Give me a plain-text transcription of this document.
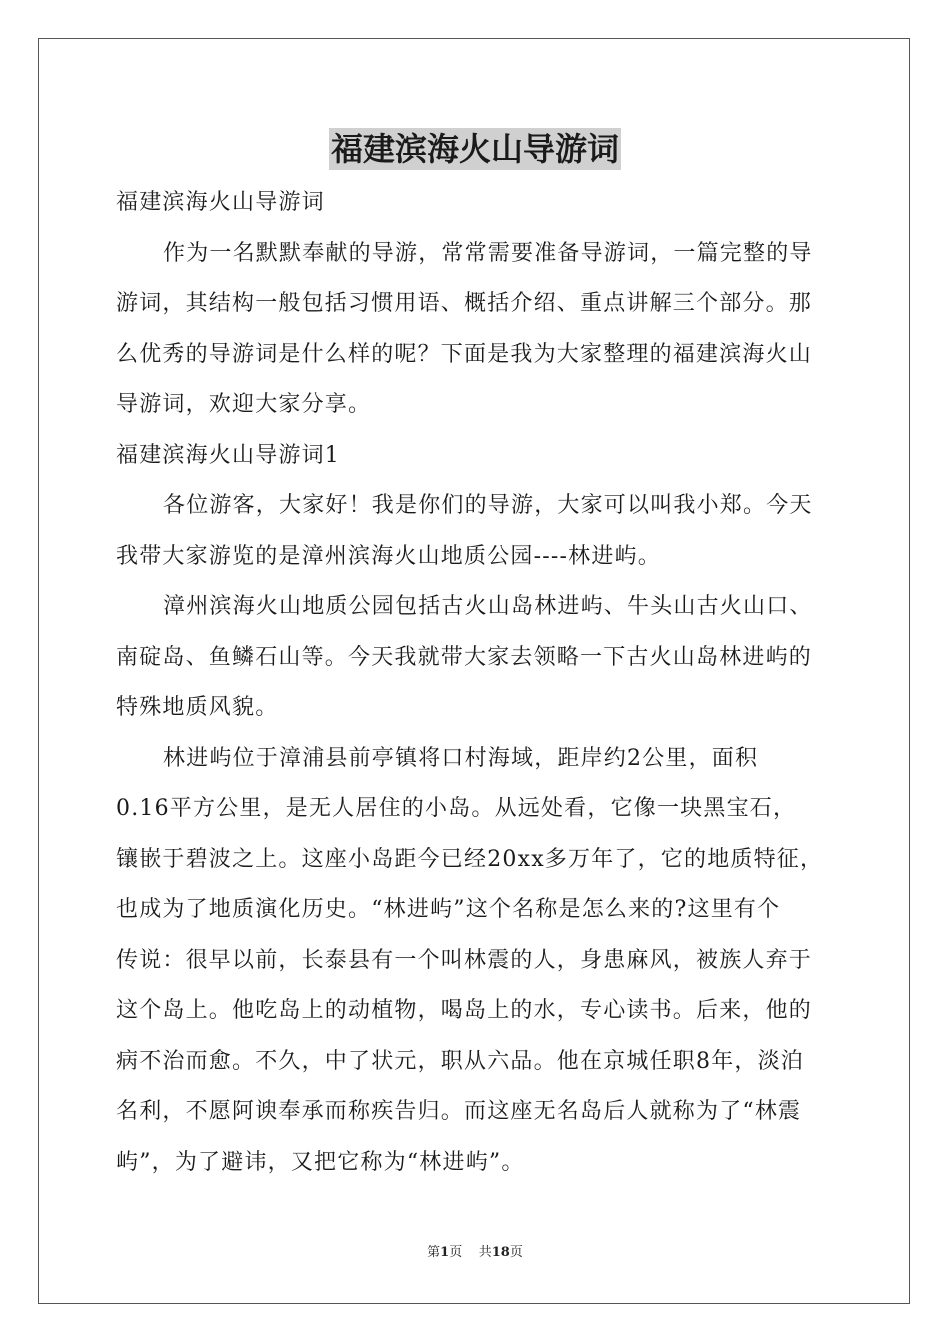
福建滨海火山导游词
福建滨海火山导游词
作为一名默默奉献的导游，常常需要准备导游词，一篇完整的导
游词，其结构一般包括习惯用语、概括介绍、重点讲解三个部分。那
么优秀的导游词是什么样的呢？下面是我为大家整理的福建滨海火山
导游词，欢迎大家分享。
福建滨海火山导游词1
各位游客，大家好！我是你们的导游，大家可以叫我小郑。今天
我带大家游览的是漳州滨海火山地质公园----林进屿。
漳州滨海火山地质公园包括古火山岛林进屿、牛头山古火山口、
南碇岛、鱼鳞石山等。今天我就带大家去领略一下古火山岛林进屿的
特殊地质风貌。
林进屿位于漳浦县前亭镇将口村海域，距岸约2公里，面积
0.16平方公里，是无人居住的小岛。从远处看，它像一块黑宝石，
镶嵌于碧波之上。这座小岛距今已经20xx多万年了，它的地质特征，
也成为了地质演化历史。“林进屿”这个名称是怎么来的?这里有个
传说：很早以前，长泰县有一个叫林震的人，身患麻风，被族人弃于
这个岛上。他吃岛上的动植物，喝岛上的水，专心读书。后来，他的
病不治而愈。不久，中了状元，职从六品。他在京城任职8年，淡泊
名利，不愿阿谀奉承而称疾告归。而这座无名岛后人就称为了“林震
屿”，为了避讳，又把它称为“林进屿”。
第1页 共18页
